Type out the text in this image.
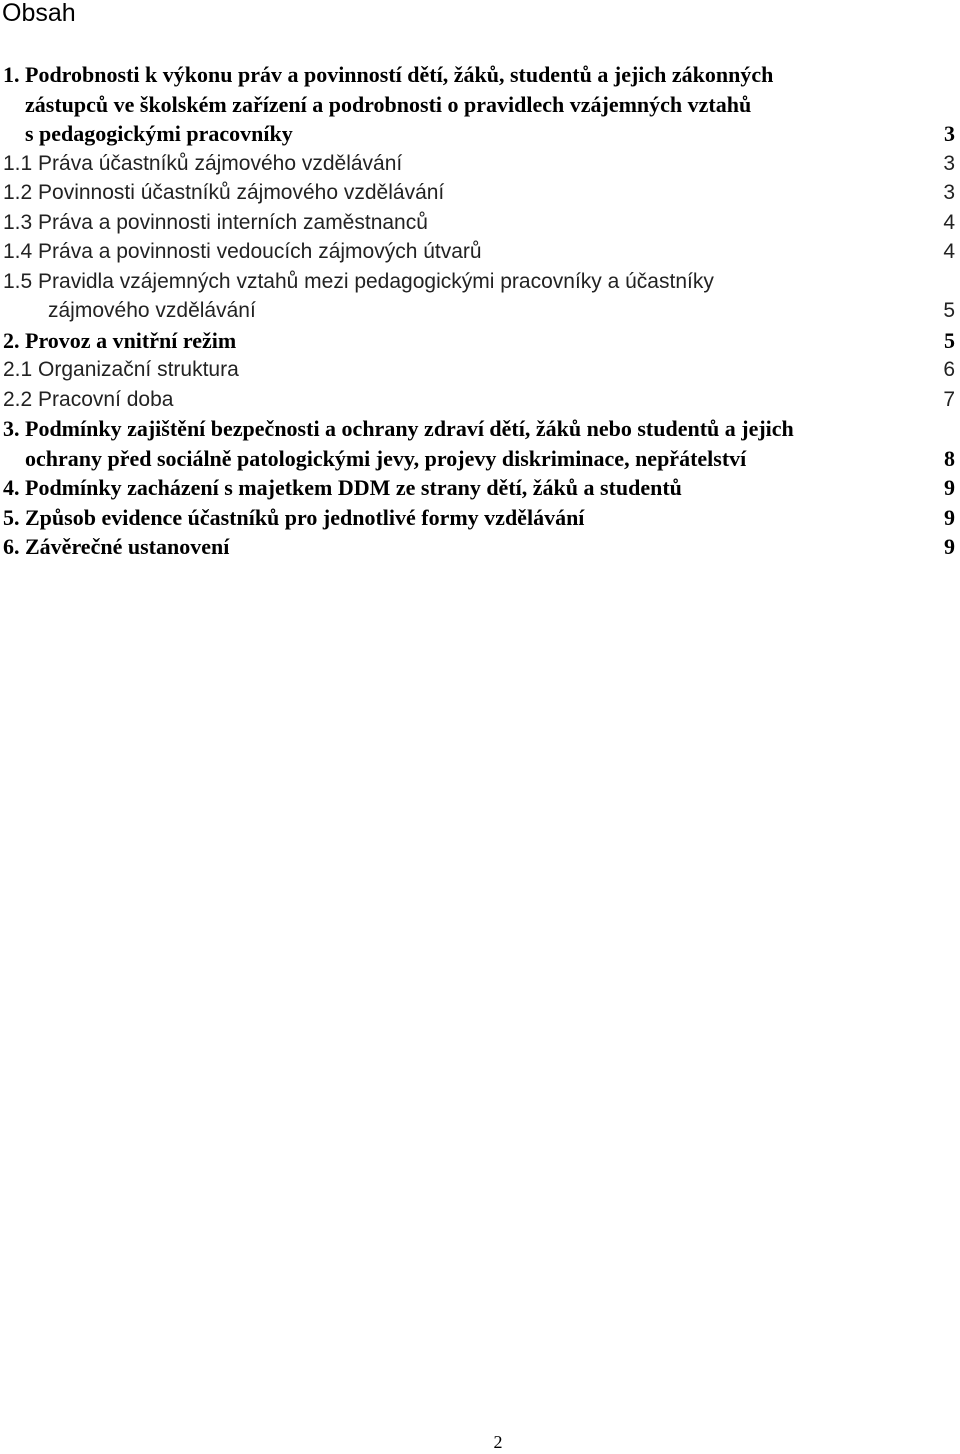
Obsah
1. Podrobnosti k výkonu práv a povinností dětí, žáků, studentů a jejich zákonných
zástupců ve školském zařízení a podrobnosti o pravidlech vzájemných vztahů
s pedagogickými pracovníky	3
1.1 Práva účastníků zájmového vzdělávání	3
1.2 Povinnosti účastníků zájmového vzdělávání	3
1.3 Práva a povinnosti interních zaměstnanců	4
1.4 Práva a povinnosti vedoucích zájmových útvarů	4
1.5 Pravidla vzájemných vztahů mezi pedagogickými pracovníky a účastníky
zájmového vzdělávání	5
2. Provoz a vnitřní režim	5
2.1 Organizační struktura	6
2.2 Pracovní doba	7
3. Podmínky zajištění bezpečnosti a ochrany zdraví dětí, žáků nebo studentů a jejich
ochrany před sociálně patologickými jevy, projevy diskriminace, nepřátelství	8
4. Podmínky zacházení s majetkem DDM ze strany dětí, žáků a studentů	9
5. Způsob evidence účastníků pro jednotlivé formy vzdělávání	9
6. Závěrečné ustanovení	9
2
